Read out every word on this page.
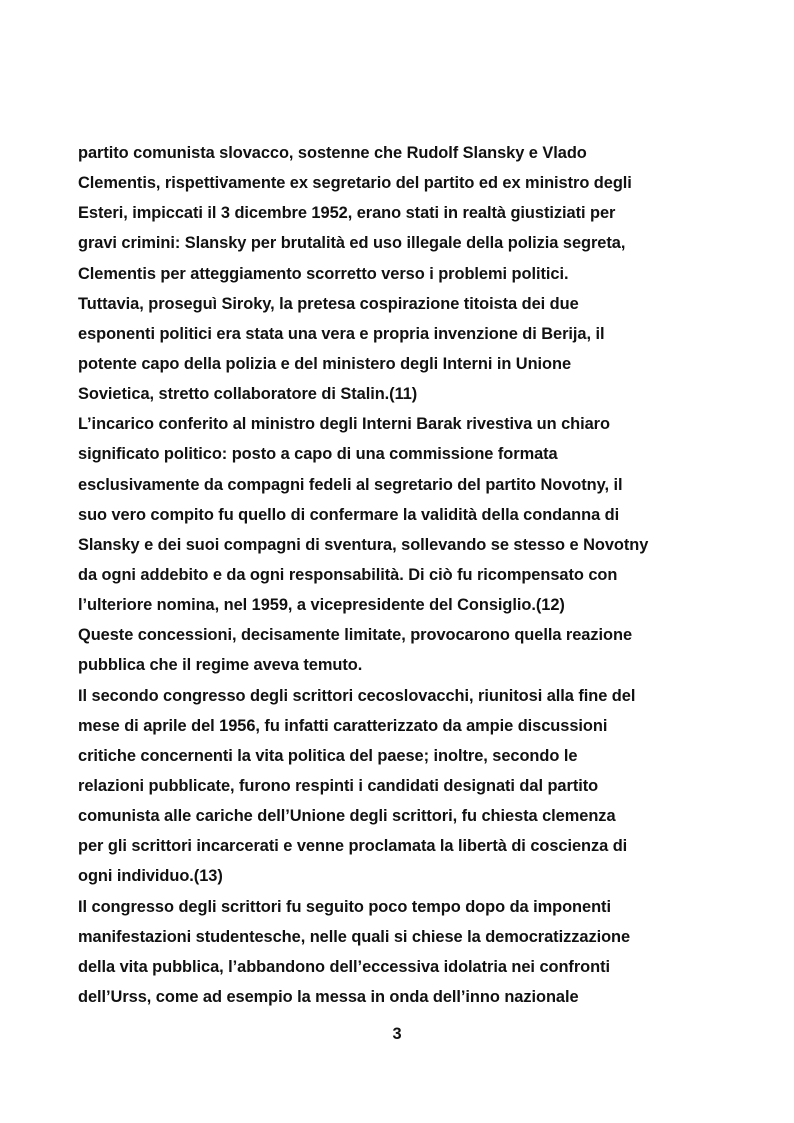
partito comunista slovacco, sostenne che Rudolf Slansky e Vlado
Clementis, rispettivamente ex segretario del partito ed ex ministro degli
Esteri, impiccati il 3 dicembre 1952, erano stati in realtà giustiziati per
gravi crimini: Slansky per brutalità ed uso illegale della polizia segreta,
Clementis per atteggiamento scorretto verso i problemi politici.
Tuttavia, proseguì Siroky, la pretesa cospirazione titoista dei due
esponenti politici era stata una vera e propria invenzione di Berija, il
potente capo della polizia e del ministero degli Interni in Unione
Sovietica, stretto collaboratore di Stalin.(11)
L’incarico conferito al ministro degli Interni Barak rivestiva un chiaro
significato politico: posto a capo di una commissione formata
esclusivamente da compagni fedeli al segretario del partito Novotny, il
suo vero compito fu quello di confermare la validità della condanna di
Slansky e dei suoi compagni di sventura, sollevando se stesso e Novotny
da ogni addebito e da ogni responsabilità. Di ciò fu ricompensato con
l’ulteriore nomina, nel 1959, a vicepresidente del Consiglio.(12)
Queste concessioni, decisamente limitate, provocarono quella reazione
pubblica che il regime aveva temuto.
Il secondo congresso degli scrittori cecoslovacchi, riunitosi alla fine del
mese di aprile del 1956, fu infatti caratterizzato da ampie discussioni
critiche concernenti la vita politica del paese; inoltre, secondo le
relazioni pubblicate, furono respinti i candidati designati dal partito
comunista alle cariche dell’Unione degli scrittori, fu chiesta clemenza
per gli scrittori incarcerati e venne proclamata la libertà di coscienza di
ogni individuo.(13)
Il congresso degli scrittori fu seguito poco tempo dopo da imponenti
manifestazioni studentesche, nelle quali si chiese la democratizzazione
della vita pubblica, l’abbandono dell’eccessiva idolatria nei confronti
dell’Urss, come ad esempio la messa in onda dell’inno nazionale
3
